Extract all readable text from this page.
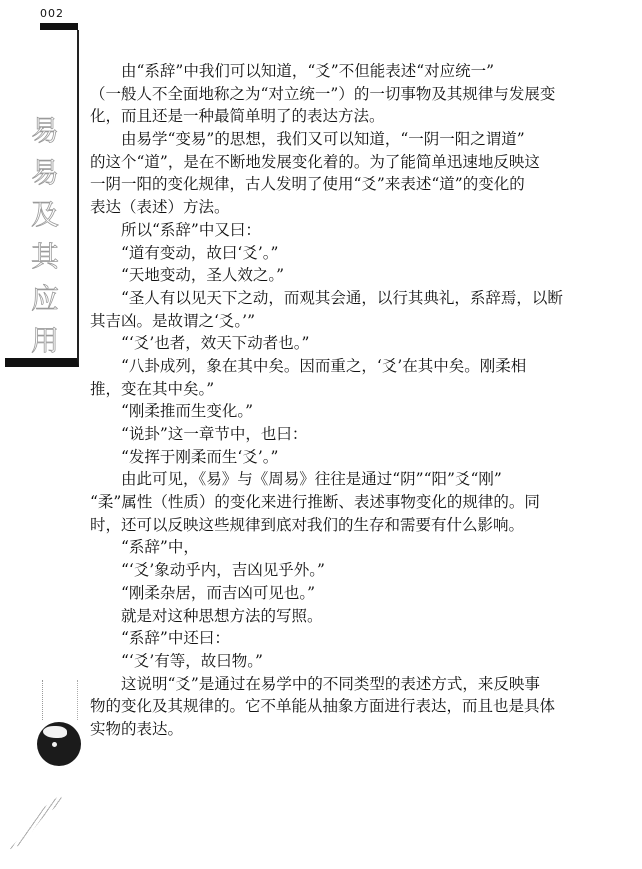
002
易
易
及
其
应
用
由“系辞”中我们可以知道，“爻”不但能表述“对应统一”
（一般人不全面地称之为“对立统一”）的一切事物及其规律与发展变
化，而且还是一种最简单明了的表达方法。
由易学“变易”的思想，我们又可以知道，“一阴一阳之谓道”
的这个“道”，是在不断地发展变化着的。为了能简单迅速地反映这
一阴一阳的变化规律，古人发明了使用“爻”来表述“道”的变化的
表达（表述）方法。
所以“系辞”中又曰：
“道有变动，故曰‘爻’。”
“天地变动，圣人效之。”
“圣人有以见天下之动，而观其会通，以行其典礼，系辞焉，以断
其吉凶。是故谓之‘爻。’”
“‘爻’也者，效天下动者也。”
“八卦成列，象在其中矣。因而重之，‘爻’在其中矣。刚柔相
推，变在其中矣。”
“刚柔推而生变化。”
“说卦”这一章节中，也曰：
“发挥于刚柔而生‘爻’。”
由此可见，《易》与《周易》往往是通过“阴”“阳”爻“刚”
“柔”属性（性质）的变化来进行推断、表述事物变化的规律的。同
时，还可以反映这些规律到底对我们的生存和需要有什么影响。
“系辞”中，
“‘爻’象动乎内，吉凶见乎外。”
“刚柔杂居，而吉凶可见也。”
就是对这种思想方法的写照。
“系辞”中还曰：
“‘爻’有等，故曰物。”
这说明“爻”是通过在易学中的不同类型的表述方式，来反映事
物的变化及其规律的。它不单能从抽象方面进行表达，而且也是具体
实物的表达。
